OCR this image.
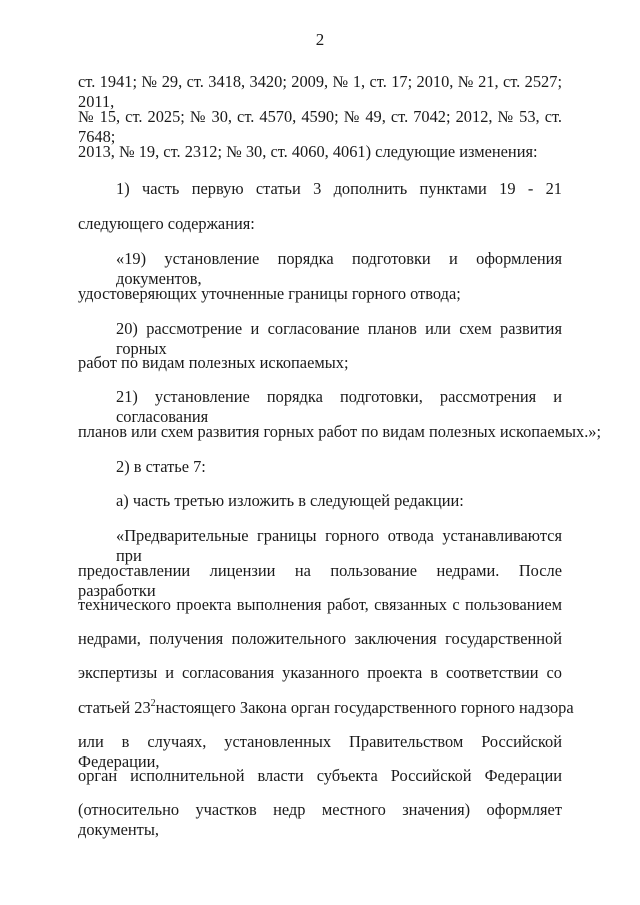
2
ст. 1941; № 29, ст. 3418, 3420; 2009, № 1, ст. 17; 2010, № 21, ст. 2527; 2011,
№ 15, ст. 2025; № 30, ст. 4570, 4590; № 49, ст. 7042; 2012, № 53, ст. 7648;
2013, № 19, ст. 2312; № 30, ст. 4060, 4061) следующие изменения:
1) часть первую статьи 3 дополнить пунктами 19 - 21
следующего содержания:
«19) установление порядка подготовки и оформления документов,
удостоверяющих уточненные границы горного отвода;
20) рассмотрение и согласование планов или схем развития горных
работ по видам полезных ископаемых;
21) установление порядка подготовки, рассмотрения и согласования
планов или схем развития горных работ по видам полезных ископаемых.»;
2) в статье 7:
а) часть третью изложить в следующей редакции:
«Предварительные границы горного отвода устанавливаются при
предоставлении лицензии на пользование недрами. После разработки
технического проекта выполнения работ, связанных с пользованием
недрами, получения положительного заключения государственной
экспертизы и согласования указанного проекта в соответствии со
статьей $23^2$ настоящего Закона орган государственного горного надзора
или в случаях, установленных Правительством Российской Федерации,
орган исполнительной власти субъекта Российской Федерации
(относительно участков недр местного значения) оформляет документы,
